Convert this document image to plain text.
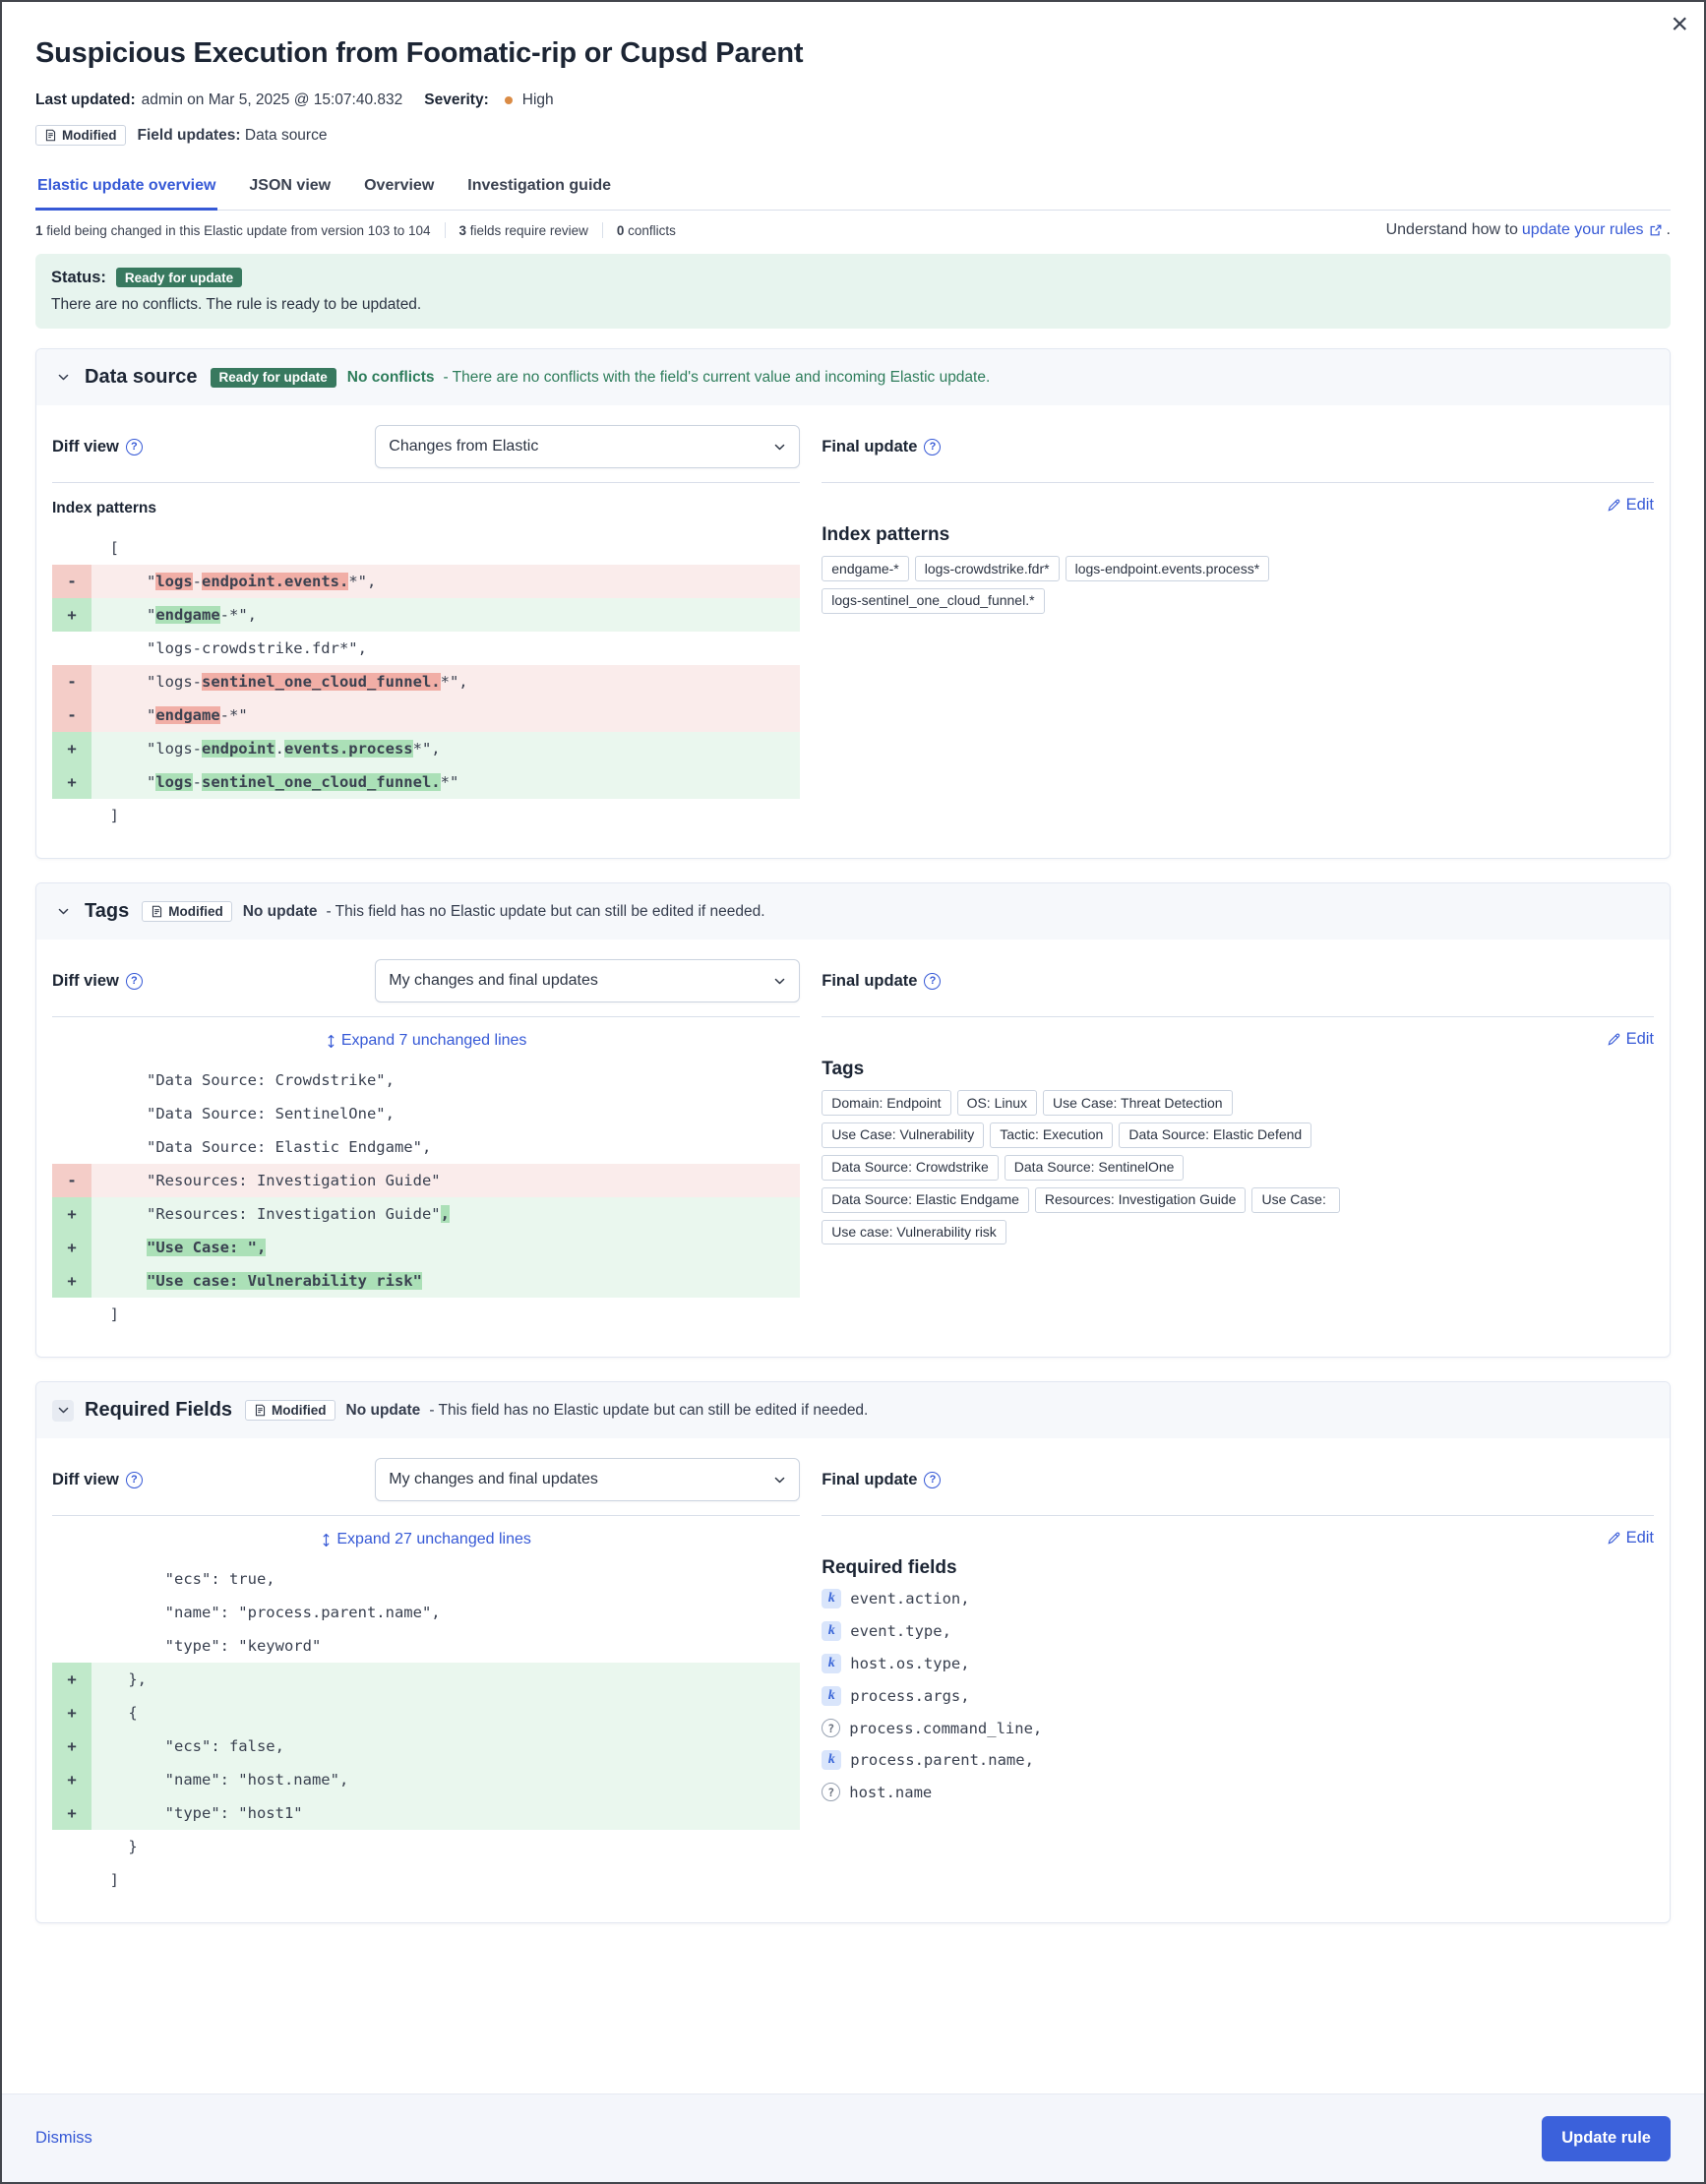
×
Suspicious Execution from Foomatic-rip or Cupsd Parent
Last updated: admin on Mar 5, 2025 @ 15:07:40.832 Severity: High
Modified Field updates: Data source
Elastic update overview JSON view Overview Investigation guide
1 field being changed in this Elastic update from version 103 to 104 3 fields require review 0 conflicts	Understand how to update your rules .
Status:	Ready for update
There are no conflicts. The rule is ready to be updated.
Data source	Ready for update	No conflicts - There are no conflicts with the field's current value and incoming Elastic update.
Diff view	?	Changes from Elastic
Index patterns
[
- "logs-endpoint.events.*",
+ "endgame-*",
"logs-crowdstrike.fdr*",
- "logs-sentinel_one_cloud_funnel.*",
- "endgame-*"
+ "logs-endpoint.events.process*",
+ "logs-sentinel_one_cloud_funnel.*"
]
Final update	?
Edit
Index patterns
endgame-*	logs-crowdstrike.fdr*	logs-endpoint.events.process*
logs-sentinel_one_cloud_funnel.*
Tags	Modified No update - This field has no Elastic update but can still be edited if needed.
Diff view	?	My changes and final updates
Expand 7 unchanged lines
"Data Source: Crowdstrike",
"Data Source: SentinelOne",
"Data Source: Elastic Endgame",
- "Resources: Investigation Guide"
+ "Resources: Investigation Guide",
+	"Use Case: ",
+	"Use case: Vulnerability risk"
]
Final update	?
Edit
Tags
Domain: Endpoint	OS: Linux	Use Case: Threat Detection
Use Case: Vulnerability	Tactic: Execution	Data Source: Elastic Defend
Data Source: Crowdstrike	Data Source: SentinelOne
Data Source: Elastic Endgame	Resources: Investigation Guide	Use Case:
Use case: Vulnerability risk
Required Fields	Modified No update - This field has no Elastic update but can still be edited if needed.
Diff view	?	My changes and final updates
Expand 27 unchanged lines
"ecs": true,
"name": "process.parent.name",
"type": "keyword"
+ },
+ {
+ "ecs": false,
+ "name": "host.name",
+ "type": "host1"
}
]
Final update	?
Edit
Required fields
k	event.action,
k	event.type,
k	host.os.type,
k	process.args,
? process.command_line,
k	process.parent.name,
? host.name
Dismiss	Update rule
